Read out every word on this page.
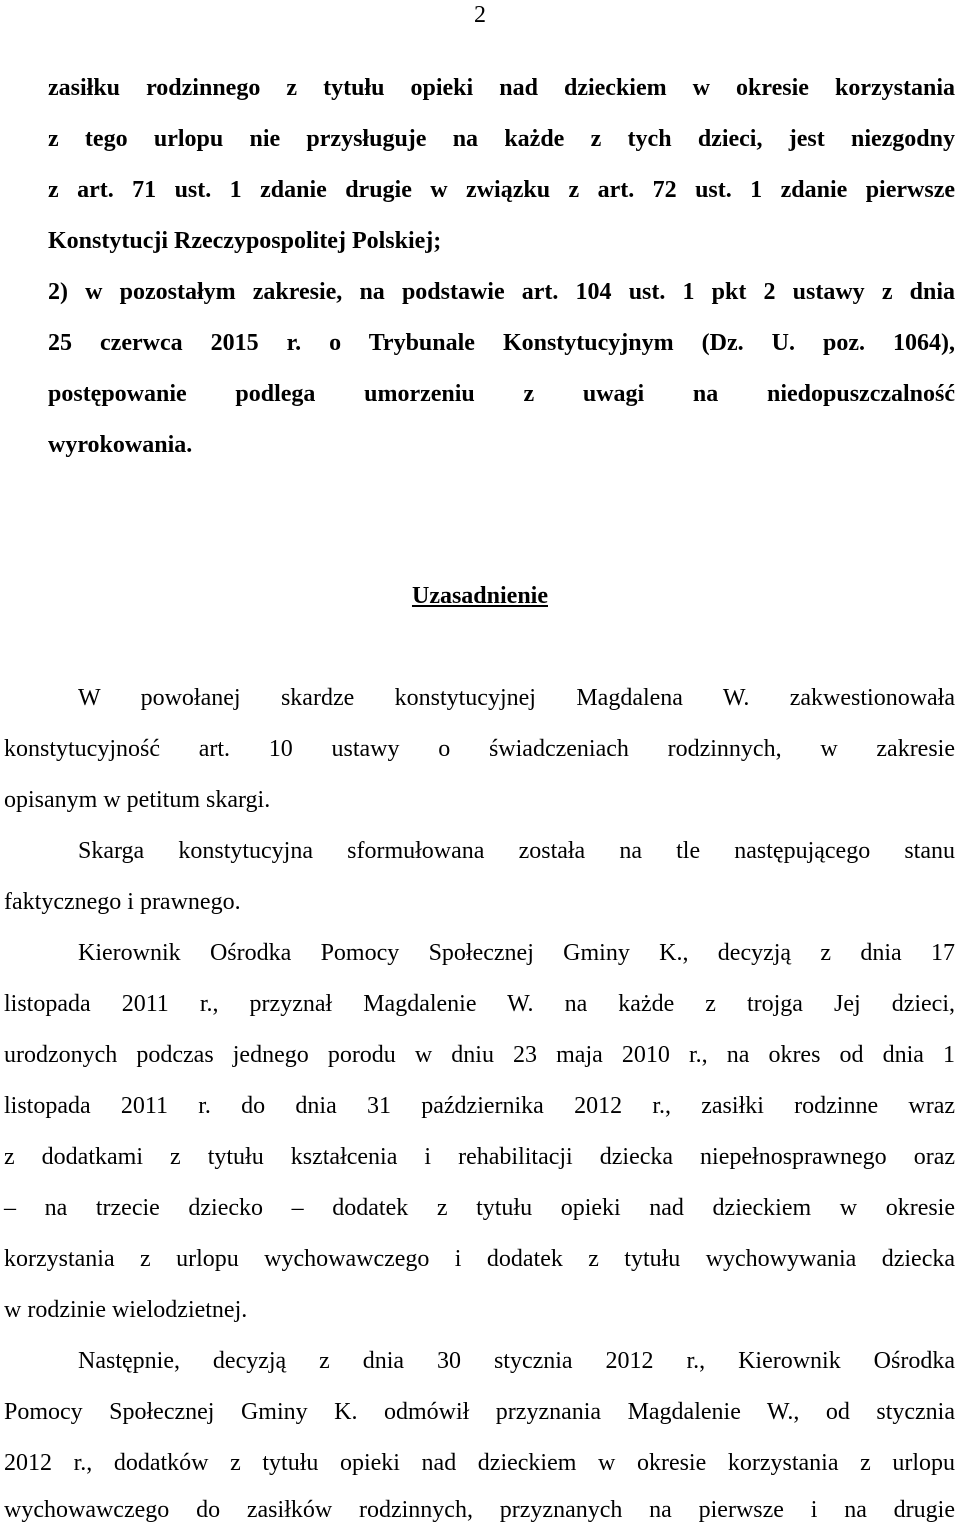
2
zasiłku rodzinnego z tytułu opieki nad dzieckiem w okresie korzystania
z tego urlopu nie przysługuje na każde z tych dzieci, jest niezgodny
z art. 71 ust. 1 zdanie drugie w związku z art. 72 ust. 1 zdanie pierwsze
Konstytucji Rzeczypospolitej Polskiej;
2) w pozostałym zakresie, na podstawie art. 104 ust. 1 pkt 2 ustawy z dnia
25 czerwca 2015 r. o Trybunale Konstytucyjnym (Dz. U. poz. 1064),
postępowanie podlega umorzeniu z uwagi na niedopuszczalność
wyrokowania.
Uzasadnienie
W powołanej skardze konstytucyjnej Magdalena W. zakwestionowała
konstytucyjność art. 10 ustawy o świadczeniach rodzinnych, w zakresie
opisanym w petitum skargi.
Skarga konstytucyjna sformułowana została na tle następującego stanu
faktycznego i prawnego.
Kierownik Ośrodka Pomocy Społecznej Gminy K., decyzją z dnia 17
listopada 2011 r., przyznał Magdalenie W. na każde z trojga Jej dzieci,
urodzonych podczas jednego porodu w dniu 23 maja 2010 r., na okres od dnia 1
listopada 2011 r. do dnia 31 października 2012 r., zasiłki rodzinne wraz
z dodatkami z tytułu kształcenia i rehabilitacji dziecka niepełnosprawnego oraz
– na trzecie dziecko – dodatek z tytułu opieki nad dzieckiem w okresie
korzystania z urlopu wychowawczego i dodatek z tytułu wychowywania dziecka
w rodzinie wielodzietnej.
Następnie, decyzją z dnia 30 stycznia 2012 r., Kierownik Ośrodka
Pomocy Społecznej Gminy K. odmówił przyznania Magdalenie W., od stycznia
2012 r., dodatków z tytułu opieki nad dzieckiem w okresie korzystania z urlopu
wychowawczego do zasiłków rodzinnych, przyznanych na pierwsze i na drugie
